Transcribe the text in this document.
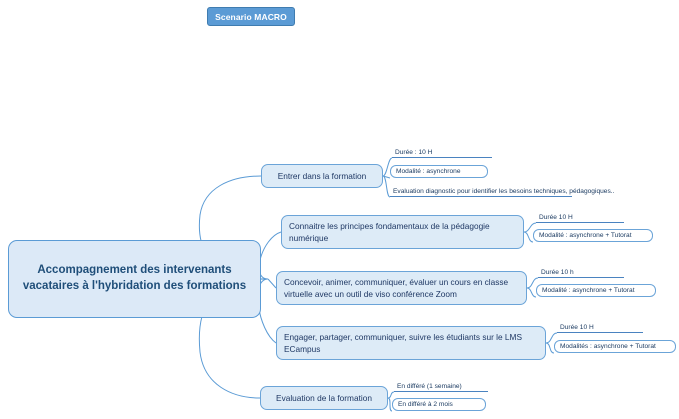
Scenario MACRO
Accompagnement des intervenants vacataires à l'hybridation des formations
Entrer dans la formation
Connaitre les principes fondamentaux de la pédagogie numérique
Concevoir, animer, communiquer, évaluer un cours en classe virtuelle avec un outil de viso conférence Zoom
Engager, partager, communiquer, suivre les étudiants sur le LMS ECampus
Evaluation de la formation
Durée : 10 H
Modalité : asynchrone
Evaluation diagnostic pour identifier les besoins techniques, pédagogiques..
Durée 10 H
Modalité : asynchrone + Tutorat
Durée 10 h
Modalité : asynchrone + Tutorat
Durée 10 H
Modalités : asynchrone + Tutorat
En différé (1 semaine)
En différé à 2 mois
